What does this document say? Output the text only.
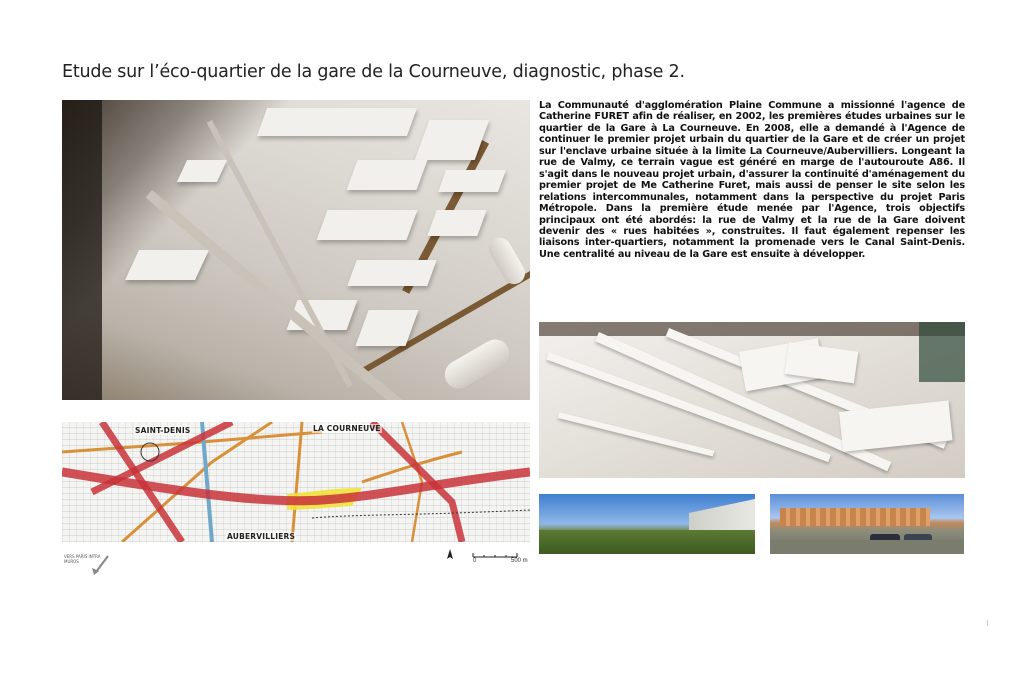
Etude sur l’éco-quartier de la gare de la Courneuve, diagnostic, phase 2.
La Communauté d'agglomération Plaine Commune a missionné l'agence de Catherine FURET afin de réaliser, en 2002, les premières études urbaines sur le quartier de la Gare à La Courneuve. En 2008, elle a demandé à l'Agence de continuer le premier projet urbain du quartier de la Gare et de créer un projet sur l'enclave urbaine située à la limite La Courneuve/Aubervilliers. Longeant la rue de Valmy, ce terrain vague est généré en marge de l'autouroute A86. Il s'agit dans le nouveau projet urbain, d'assurer la continuité d'aménagement du premier projet de Me Catherine Furet, mais aussi de penser le site selon les relations intercommunales, notamment dans la perspective du projet Paris Métropole. Dans la première étude menée par l'Agence, trois objectifs principaux ont été abordés: la rue de Valmy et la rue de la Gare doivent devenir des « rues habitées », construites. Il faut également repenser les liaisons inter-quartiers, notamment la promenade vers le Canal Saint-Denis. Une centralité au niveau de la Gare est ensuite à développer.
SAINT-DENIS	LA COURNEUVE
AUBERVILLIERS
VERS PARIS INTRA MUROS	0	500 m
